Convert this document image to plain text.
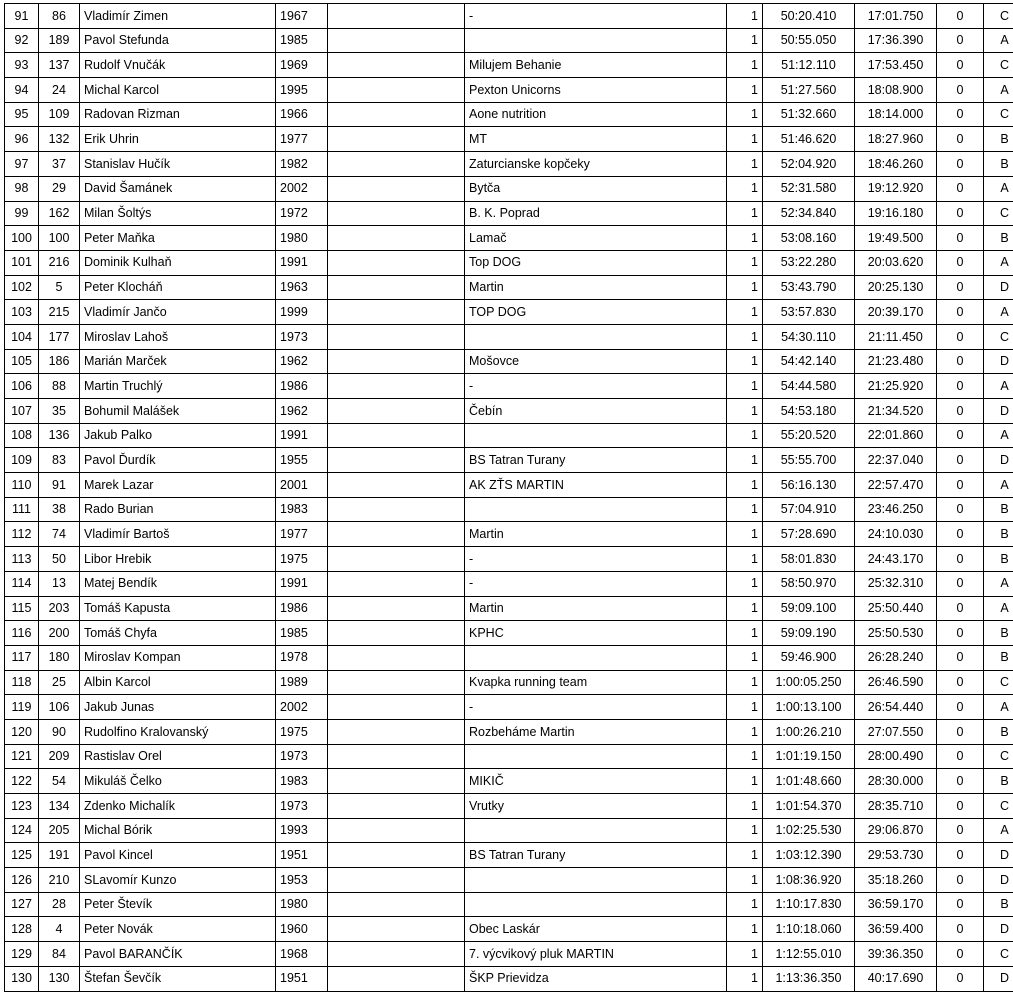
91	86	Vladimír Zimen	1967		-	1	50:20.410	17:01.750	0	C
92	189	Pavol Stefunda	1985			1	50:55.050	17:36.390	0	A
93	137	Rudolf Vnučák	1969		Milujem Behanie	1	51:12.110	17:53.450	0	C
94	24	Michal Karcol	1995		Pexton Unicorns	1	51:27.560	18:08.900	0	A
95	109	Radovan Rizman	1966		Aone nutrition	1	51:32.660	18:14.000	0	C
96	132	Erik Uhrin	1977		MT	1	51:46.620	18:27.960	0	B
97	37	Stanislav Hučík	1982		Zaturcianske kopčeky	1	52:04.920	18:46.260	0	B
98	29	David Šamánek	2002		Bytča	1	52:31.580	19:12.920	0	A
99	162	Milan Šoltýs	1972		B. K. Poprad	1	52:34.840	19:16.180	0	C
100	100	Peter Maňka	1980		Lamač	1	53:08.160	19:49.500	0	B
101	216	Dominik Kulhaň	1991		Top DOG	1	53:22.280	20:03.620	0	A
102	5	Peter Klocháň	1963		Martin	1	53:43.790	20:25.130	0	D
103	215	Vladimír Jančo	1999		TOP DOG	1	53:57.830	20:39.170	0	A
104	177	Miroslav Lahoš	1973			1	54:30.110	21:11.450	0	C
105	186	Marián Marček	1962		Mošovce	1	54:42.140	21:23.480	0	D
106	88	Martin Truchlý	1986		-	1	54:44.580	21:25.920	0	A
107	35	Bohumil Malášek	1962		Čebín	1	54:53.180	21:34.520	0	D
108	136	Jakub Palko	1991			1	55:20.520	22:01.860	0	A
109	83	Pavol Ďurdík	1955		BS Tatran Turany	1	55:55.700	22:37.040	0	D
110	91	Marek Lazar	2001		AK ZŤS MARTIN	1	56:16.130	22:57.470	0	A
111	38	Rado Burian	1983			1	57:04.910	23:46.250	0	B
112	74	Vladimír Bartoš	1977		Martin	1	57:28.690	24:10.030	0	B
113	50	Libor Hrebik	1975		-	1	58:01.830	24:43.170	0	B
114	13	Matej Bendík	1991		-	1	58:50.970	25:32.310	0	A
115	203	Tomáš Kapusta	1986		Martin	1	59:09.100	25:50.440	0	A
116	200	Tomáš Chyfa	1985		KPHC	1	59:09.190	25:50.530	0	B
117	180	Miroslav Kompan	1978			1	59:46.900	26:28.240	0	B
118	25	Albin Karcol	1989		Kvapka running team	1	1:00:05.250	26:46.590	0	C
119	106	Jakub Junas	2002		-	1	1:00:13.100	26:54.440	0	A
120	90	Rudolfino Kralovanský	1975		Rozbeháme Martin	1	1:00:26.210	27:07.550	0	B
121	209	Rastislav Orel	1973			1	1:01:19.150	28:00.490	0	C
122	54	Mikuláš Čelko	1983		MIKIČ	1	1:01:48.660	28:30.000	0	B
123	134	Zdenko Michalík	1973		Vrutky	1	1:01:54.370	28:35.710	0	C
124	205	Michal Bórik	1993			1	1:02:25.530	29:06.870	0	A
125	191	Pavol Kincel	1951		BS Tatran Turany	1	1:03:12.390	29:53.730	0	D
126	210	SLavomír Kunzo	1953			1	1:08:36.920	35:18.260	0	D
127	28	Peter Števík	1980			1	1:10:17.830	36:59.170	0	B
128	4	Peter Novák	1960		Obec Laskár	1	1:10:18.060	36:59.400	0	D
129	84	Pavol BARANČÍK	1968		7. výcvikový pluk MARTIN	1	1:12:55.010	39:36.350	0	C
130	130	Štefan Ševčík	1951		ŠKP Prievidza	1	1:13:36.350	40:17.690	0	D
